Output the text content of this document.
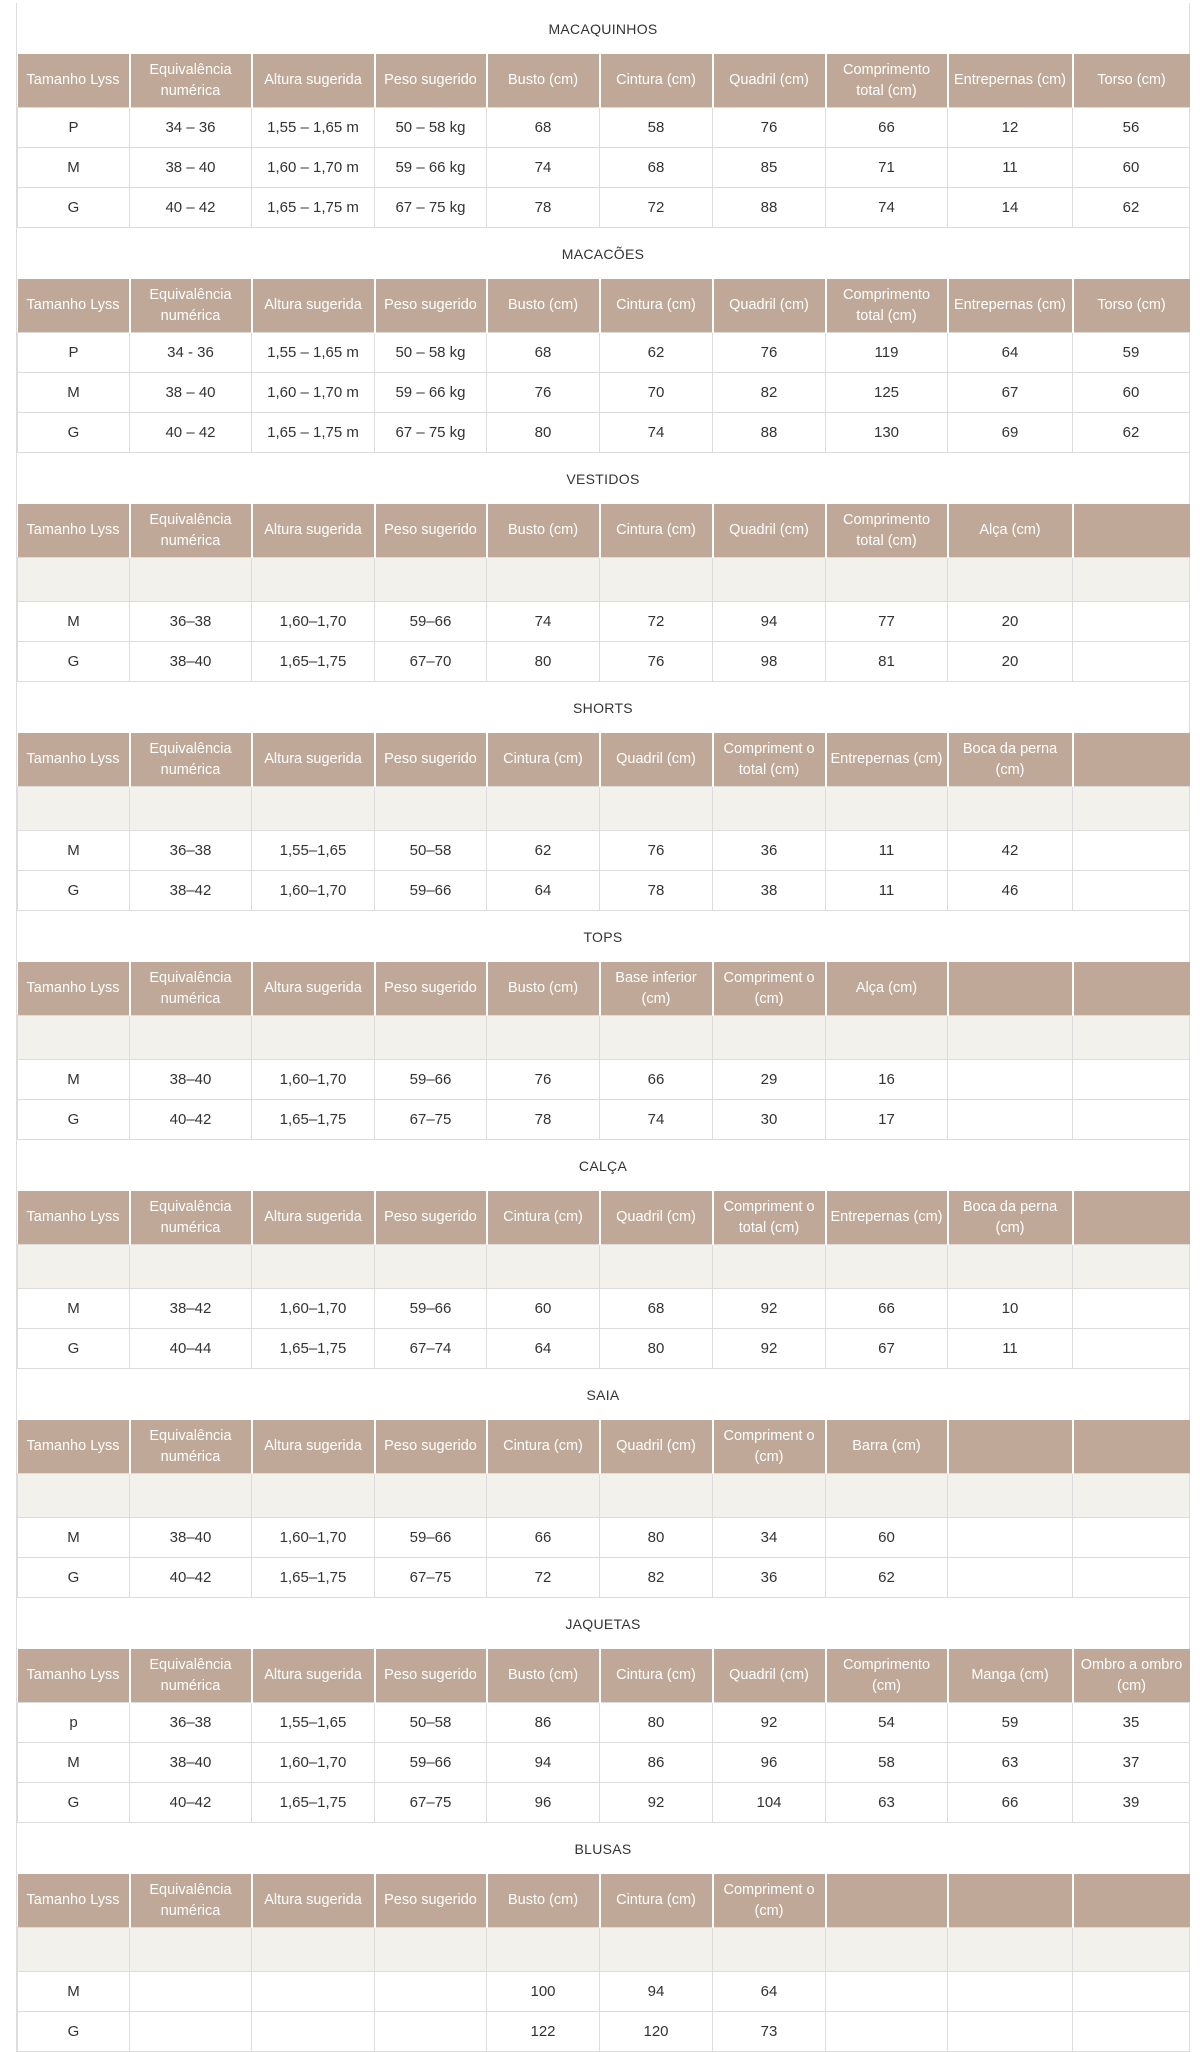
MACAQUINHOS
Tamanho Lyss	Equivalência numérica	Altura sugerida	Peso sugerido	Busto (cm)	Cintura (cm)	Quadril (cm)	Comprimento total (cm)	Entrepernas (cm)	Torso (cm)
P	34 – 36	1,55 – 1,65 m	50 – 58 kg	68	58	76	66	12	56
M	38 – 40	1,60 – 1,70 m	59 – 66 kg	74	68	85	71	11	60
G	40 – 42	1,65 – 1,75 m	67 – 75 kg	78	72	88	74	14	62
MACACÕES
Tamanho Lyss	Equivalência numérica	Altura sugerida	Peso sugerido	Busto (cm)	Cintura (cm)	Quadril (cm)	Comprimento total (cm)	Entrepernas (cm)	Torso (cm)
P	34 - 36	1,55 – 1,65 m	50 – 58 kg	68	62	76	119	64	59
M	38 – 40	1,60 – 1,70 m	59 – 66 kg	76	70	82	125	67	60
G	40 – 42	1,65 – 1,75 m	67 – 75 kg	80	74	88	130	69	62
VESTIDOS
Tamanho Lyss	Equivalência numérica	Altura sugerida	Peso sugerido	Busto (cm)	Cintura (cm)	Quadril (cm)	Comprimento total (cm)	Alça (cm)	

M	36–38	1,60–1,70	59–66	74	72	94	77	20	
G	38–40	1,65–1,75	67–70	80	76	98	81	20	
SHORTS
Tamanho Lyss	Equivalência numérica	Altura sugerida	Peso sugerido	Cintura (cm)	Quadril (cm)	Compriment o total (cm)	Entrepernas (cm)	Boca da perna (cm)	

M	36–38	1,55–1,65	50–58	62	76	36	11	42	
G	38–42	1,60–1,70	59–66	64	78	38	11	46	
TOPS
Tamanho Lyss	Equivalência numérica	Altura sugerida	Peso sugerido	Busto (cm)	Base inferior (cm)	Compriment o (cm)	Alça (cm)		

M	38–40	1,60–1,70	59–66	76	66	29	16		
G	40–42	1,65–1,75	67–75	78	74	30	17		
CALÇA
Tamanho Lyss	Equivalência numérica	Altura sugerida	Peso sugerido	Cintura (cm)	Quadril (cm)	Compriment o total (cm)	Entrepernas (cm)	Boca da perna (cm)	

M	38–42	1,60–1,70	59–66	60	68	92	66	10	
G	40–44	1,65–1,75	67–74	64	80	92	67	11	
SAIA
Tamanho Lyss	Equivalência numérica	Altura sugerida	Peso sugerido	Cintura (cm)	Quadril (cm)	Compriment o (cm)	Barra (cm)		

M	38–40	1,60–1,70	59–66	66	80	34	60		
G	40–42	1,65–1,75	67–75	72	82	36	62		
JAQUETAS
Tamanho Lyss	Equivalência numérica	Altura sugerida	Peso sugerido	Busto (cm)	Cintura (cm)	Quadril (cm)	Comprimento (cm)	Manga (cm)	Ombro a ombro (cm)
p	36–38	1,55–1,65	50–58	86	80	92	54	59	35
M	38–40	1,60–1,70	59–66	94	86	96	58	63	37
G	40–42	1,65–1,75	67–75	96	92	104	63	66	39
BLUSAS
Tamanho Lyss	Equivalência numérica	Altura sugerida	Peso sugerido	Busto (cm)	Cintura (cm)	Compriment o (cm)			

M				100	94	64			
G				122	120	73			
